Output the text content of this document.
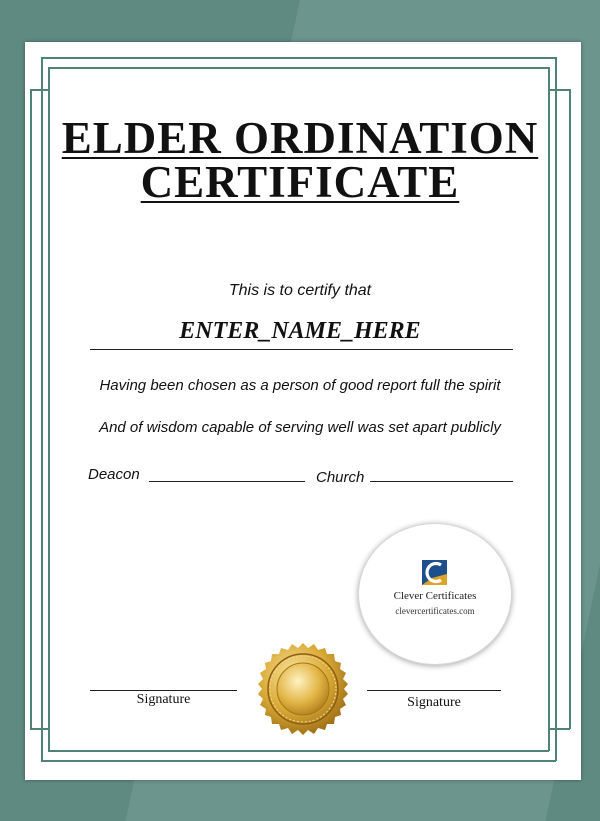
ELDER ORDINATION
CERTIFICATE
This is to certify that
ENTER_NAME_HERE
Having been chosen as a person of good report full the spirit
And of wisdom capable of serving well was set apart publicly
Deacon	Church
Clever Certificates
clevercertificates.com
Signature	Signature
